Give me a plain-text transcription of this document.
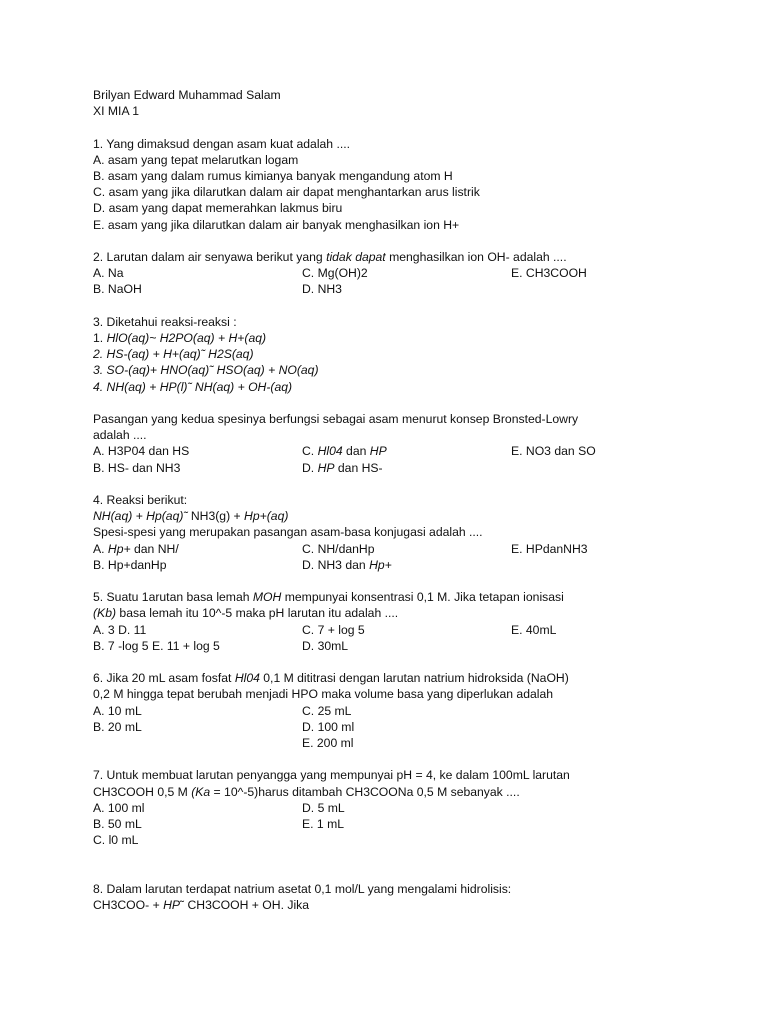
Brilyan Edward Muhammad Salam
XI MIA 1
1. Yang dimaksud dengan asam kuat adalah ....
A. asam yang tepat melarutkan logam
B. asam yang dalam rumus kimianya banyak mengandung atom H
C. asam yang jika dilarutkan dalam air dapat menghantarkan arus listrik
D. asam yang dapat memerahkan lakmus biru
E. asam yang jika dilarutkan dalam air banyak menghasilkan ion H+
2. Larutan dalam air senyawa berikut yang tidak dapat menghasilkan ion OH- adalah ....
A. Na	C. Mg(OH)2	E. CH3COOH
B. NaOH	D. NH3
3. Diketahui reaksi-reaksi :
1. HlO(aq)~ H2PO(aq) + H+(aq)
2. HS-(aq) + H+(aq)˜ H2S(aq)
3. SO-(aq)+ HNO(aq)˜ HSO(aq) + NO(aq)
4. NH(aq) + HP(l)˜ NH(aq) + OH-(aq)
Pasangan yang kedua spesinya berfungsi sebagai asam menurut konsep Bronsted-Lowry
adalah ....
A. H3P04 dan HS	C. Hl04 dan HP	E. NO3 dan SO
B. HS- dan NH3	D. HP dan HS-
4. Reaksi berikut:
NH(aq) + Hp(aq)˜ NH3(g) + Hp+(aq)
Spesi-spesi yang merupakan pasangan asam-basa konjugasi adalah ....
A. Hp+ dan NH/	C. NH/danHp	E. HPdanNH3
B. Hp+danHp	D. NH3 dan Hp+
5. Suatu 1arutan basa lemah MOH mempunyai konsentrasi 0,1 M. Jika tetapan ionisasi
(Kb) basa lemah itu 10^-5 maka pH larutan itu adalah ....
A. 3 D. 11	C. 7 + log 5	E. 40mL
B. 7 -log 5 E. 11 + log 5	D. 30mL
6. Jika 20 mL asam fosfat Hl04 0,1 M dititrasi dengan larutan natrium hidroksida (NaOH)
0,2 M hingga tepat berubah menjadi HPO maka volume basa yang diperlukan adalah
A. 10 mL	C. 25 mL
B. 20 mL	D. 100 ml
E. 200 ml
7. Untuk membuat larutan penyangga yang mempunyai pH = 4, ke dalam 100mL larutan
CH3COOH 0,5 M (Ka = 10^-5)harus ditambah CH3COONa 0,5 M sebanyak ....
A. 100 ml	D. 5 mL
B. 50 mL	E. 1 mL
C. l0 mL
8. Dalam larutan terdapat natrium asetat 0,1 mol/L yang mengalami hidrolisis:
CH3COO- + HP˜ CH3COOH + OH. Jika
